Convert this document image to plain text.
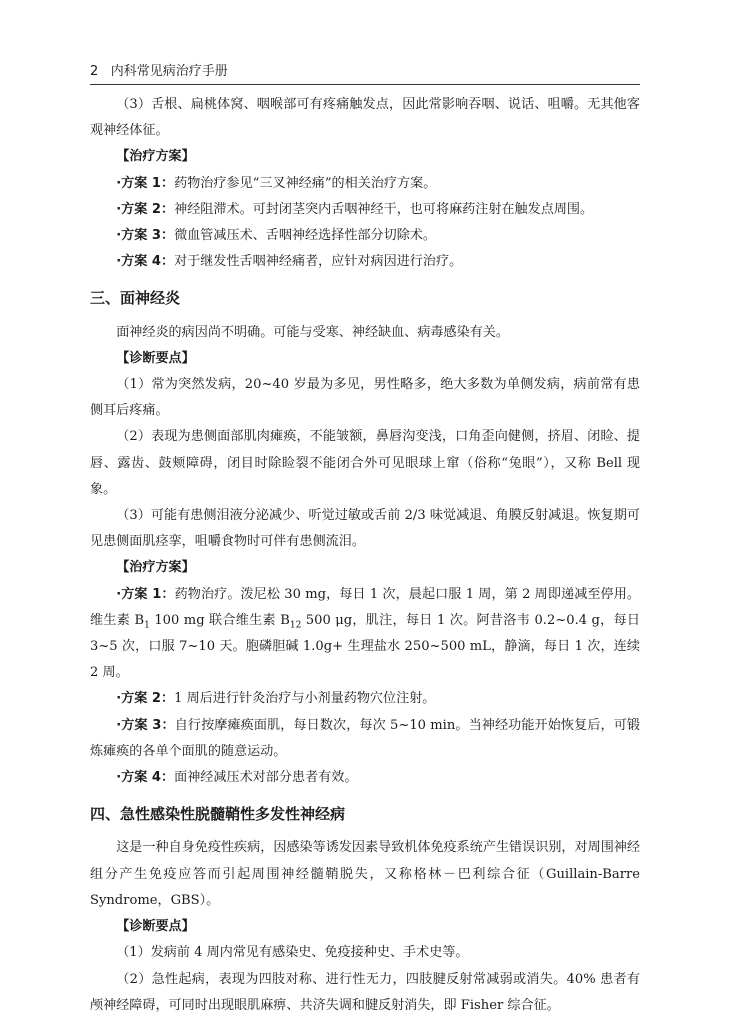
2 内科常见病治疗手册

（3）舌根、扁桃体窝、咽喉部可有疼痛触发点，因此常影响吞咽、说话、咀嚼。无其他客观神经体征。

【治疗方案】

·方案 1：药物治疗参见“三叉神经痛”的相关治疗方案。

·方案 2：神经阻滞术。可封闭茎突内舌咽神经干，也可将麻药注射在触发点周围。

·方案 3：微血管减压术、舌咽神经选择性部分切除术。

·方案 4：对于继发性舌咽神经痛者，应针对病因进行治疗。

三、面神经炎

面神经炎的病因尚不明确。可能与受寒、神经缺血、病毒感染有关。

【诊断要点】

（1）常为突然发病，20~40 岁最为多见，男性略多，绝大多数为单侧发病，病前常有患侧耳后疼痛。

（2）表现为患侧面部肌肉瘫痪，不能皱额，鼻唇沟变浅，口角歪向健侧，挤眉、闭睑、提唇、露齿、鼓颊障碍，闭目时除睑裂不能闭合外可见眼球上窜（俗称“兔眼”），又称 Bell 现象。

（3）可能有患侧泪液分泌减少、听觉过敏或舌前 2/3 味觉减退、角膜反射减退。恢复期可见患侧面肌痉挛，咀嚼食物时可伴有患侧流泪。

【治疗方案】

·方案 1：药物治疗。泼尼松 30 mg，每日 1 次，晨起口服 1 周，第 2 周即递减至停用。维生素 $B_1$ 100 mg 联合维生素 $B_{12}$ 500 μg，肌注，每日 1 次。阿昔洛韦 0.2~0.4 g，每日 3~5 次，口服 7~10 天。胞磷胆碱 1.0g+ 生理盐水 250~500 mL，静滴，每日 1 次，连续 2 周。

·方案 2：1 周后进行针灸治疗与小剂量药物穴位注射。

·方案 3：自行按摩瘫痪面肌，每日数次，每次 5~10 min。当神经功能开始恢复后，可锻炼瘫痪的各单个面肌的随意运动。

·方案 4：面神经减压术对部分患者有效。

四、急性感染性脱髓鞘性多发性神经病

这是一种自身免疫性疾病，因感染等诱发因素导致机体免疫系统产生错误识别，对周围神经组分产生免疫应答而引起周围神经髓鞘脱失，又称格林－巴利综合征（Guillain-Barre Syndrome，GBS）。

【诊断要点】

（1）发病前 4 周内常见有感染史、免疫接种史、手术史等。

（2）急性起病，表现为四肢对称、进行性无力，四肢腱反射常减弱或消失。40% 患者有颅神经障碍，可同时出现眼肌麻痹、共济失调和腱反射消失，即 Fisher 综合征。
